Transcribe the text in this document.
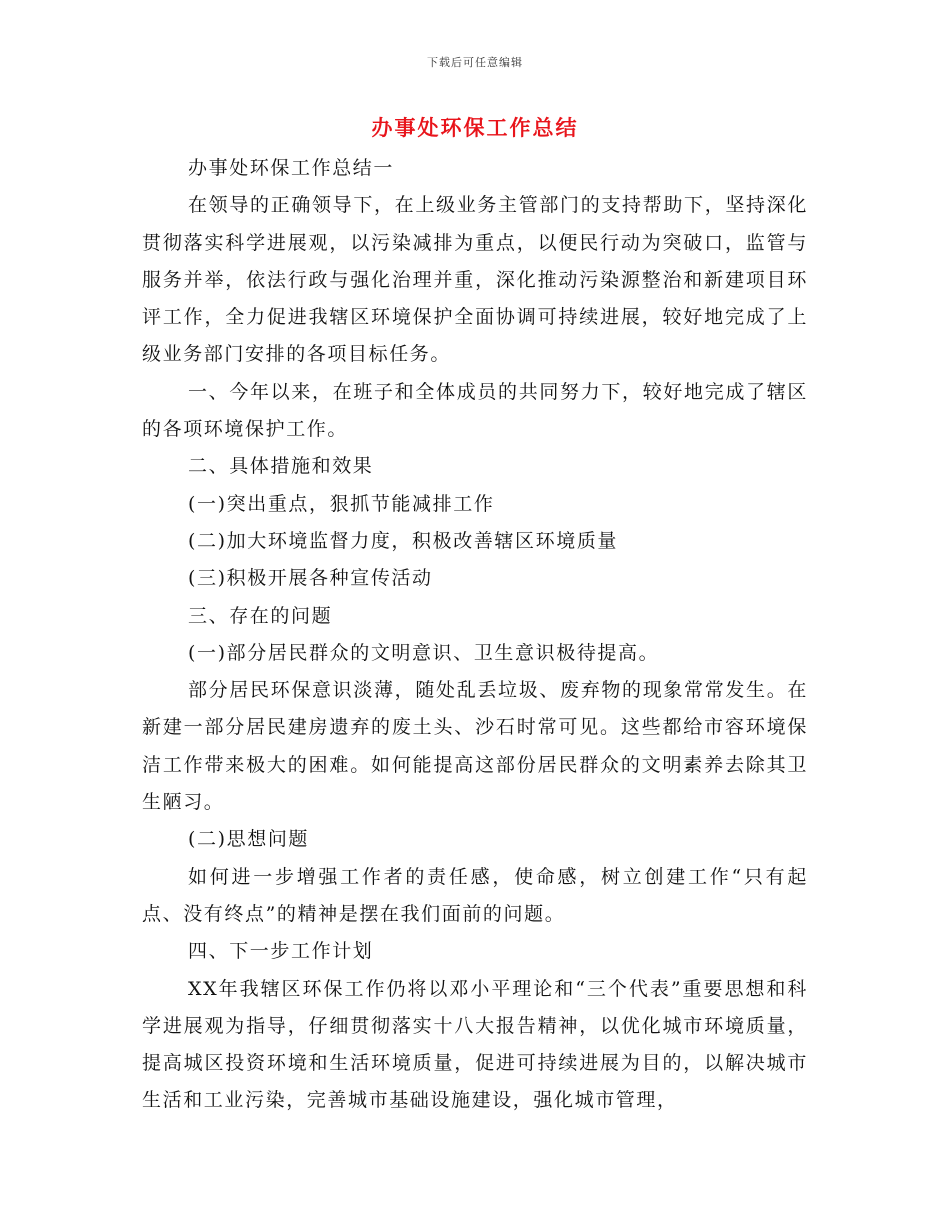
下载后可任意编辑
办事处环保工作总结

办事处环保工作总结一

在领导的正确领导下，在上级业务主管部门的支持帮助下，坚持深化贯彻落实科学进展观，以污染减排为重点，以便民行动为突破口，监管与服务并举，依法行政与强化治理并重，深化推动污染源整治和新建项目环评工作，全力促进我辖区环境保护全面协调可持续进展，较好地完成了上级业务部门安排的各项目标任务。

一、今年以来，在班子和全体成员的共同努力下，较好地完成了辖区的各项环境保护工作。

二、具体措施和效果

(一)突出重点，狠抓节能减排工作

(二)加大环境监督力度，积极改善辖区环境质量

(三)积极开展各种宣传活动

三、存在的问题

(一)部分居民群众的文明意识、卫生意识极待提高。

部分居民环保意识淡薄，随处乱丢垃圾、废弃物的现象常常发生。在新建一部分居民建房遗弃的废土头、沙石时常可见。这些都给市容环境保洁工作带来极大的困难。如何能提高这部份居民群众的文明素养去除其卫生陋习。

(二)思想问题

如何进一步增强工作者的责任感，使命感，树立创建工作“只有起点、没有终点”的精神是摆在我们面前的问题。

四、下一步工作计划

XX年我辖区环保工作仍将以邓小平理论和“三个代表”重要思想和科学进展观为指导，仔细贯彻落实十八大报告精神，以优化城市环境质量，提高城区投资环境和生活环境质量，促进可持续进展为目的，以解决城市生活和工业污染，完善城市基础设施建设，强化城市管理，
